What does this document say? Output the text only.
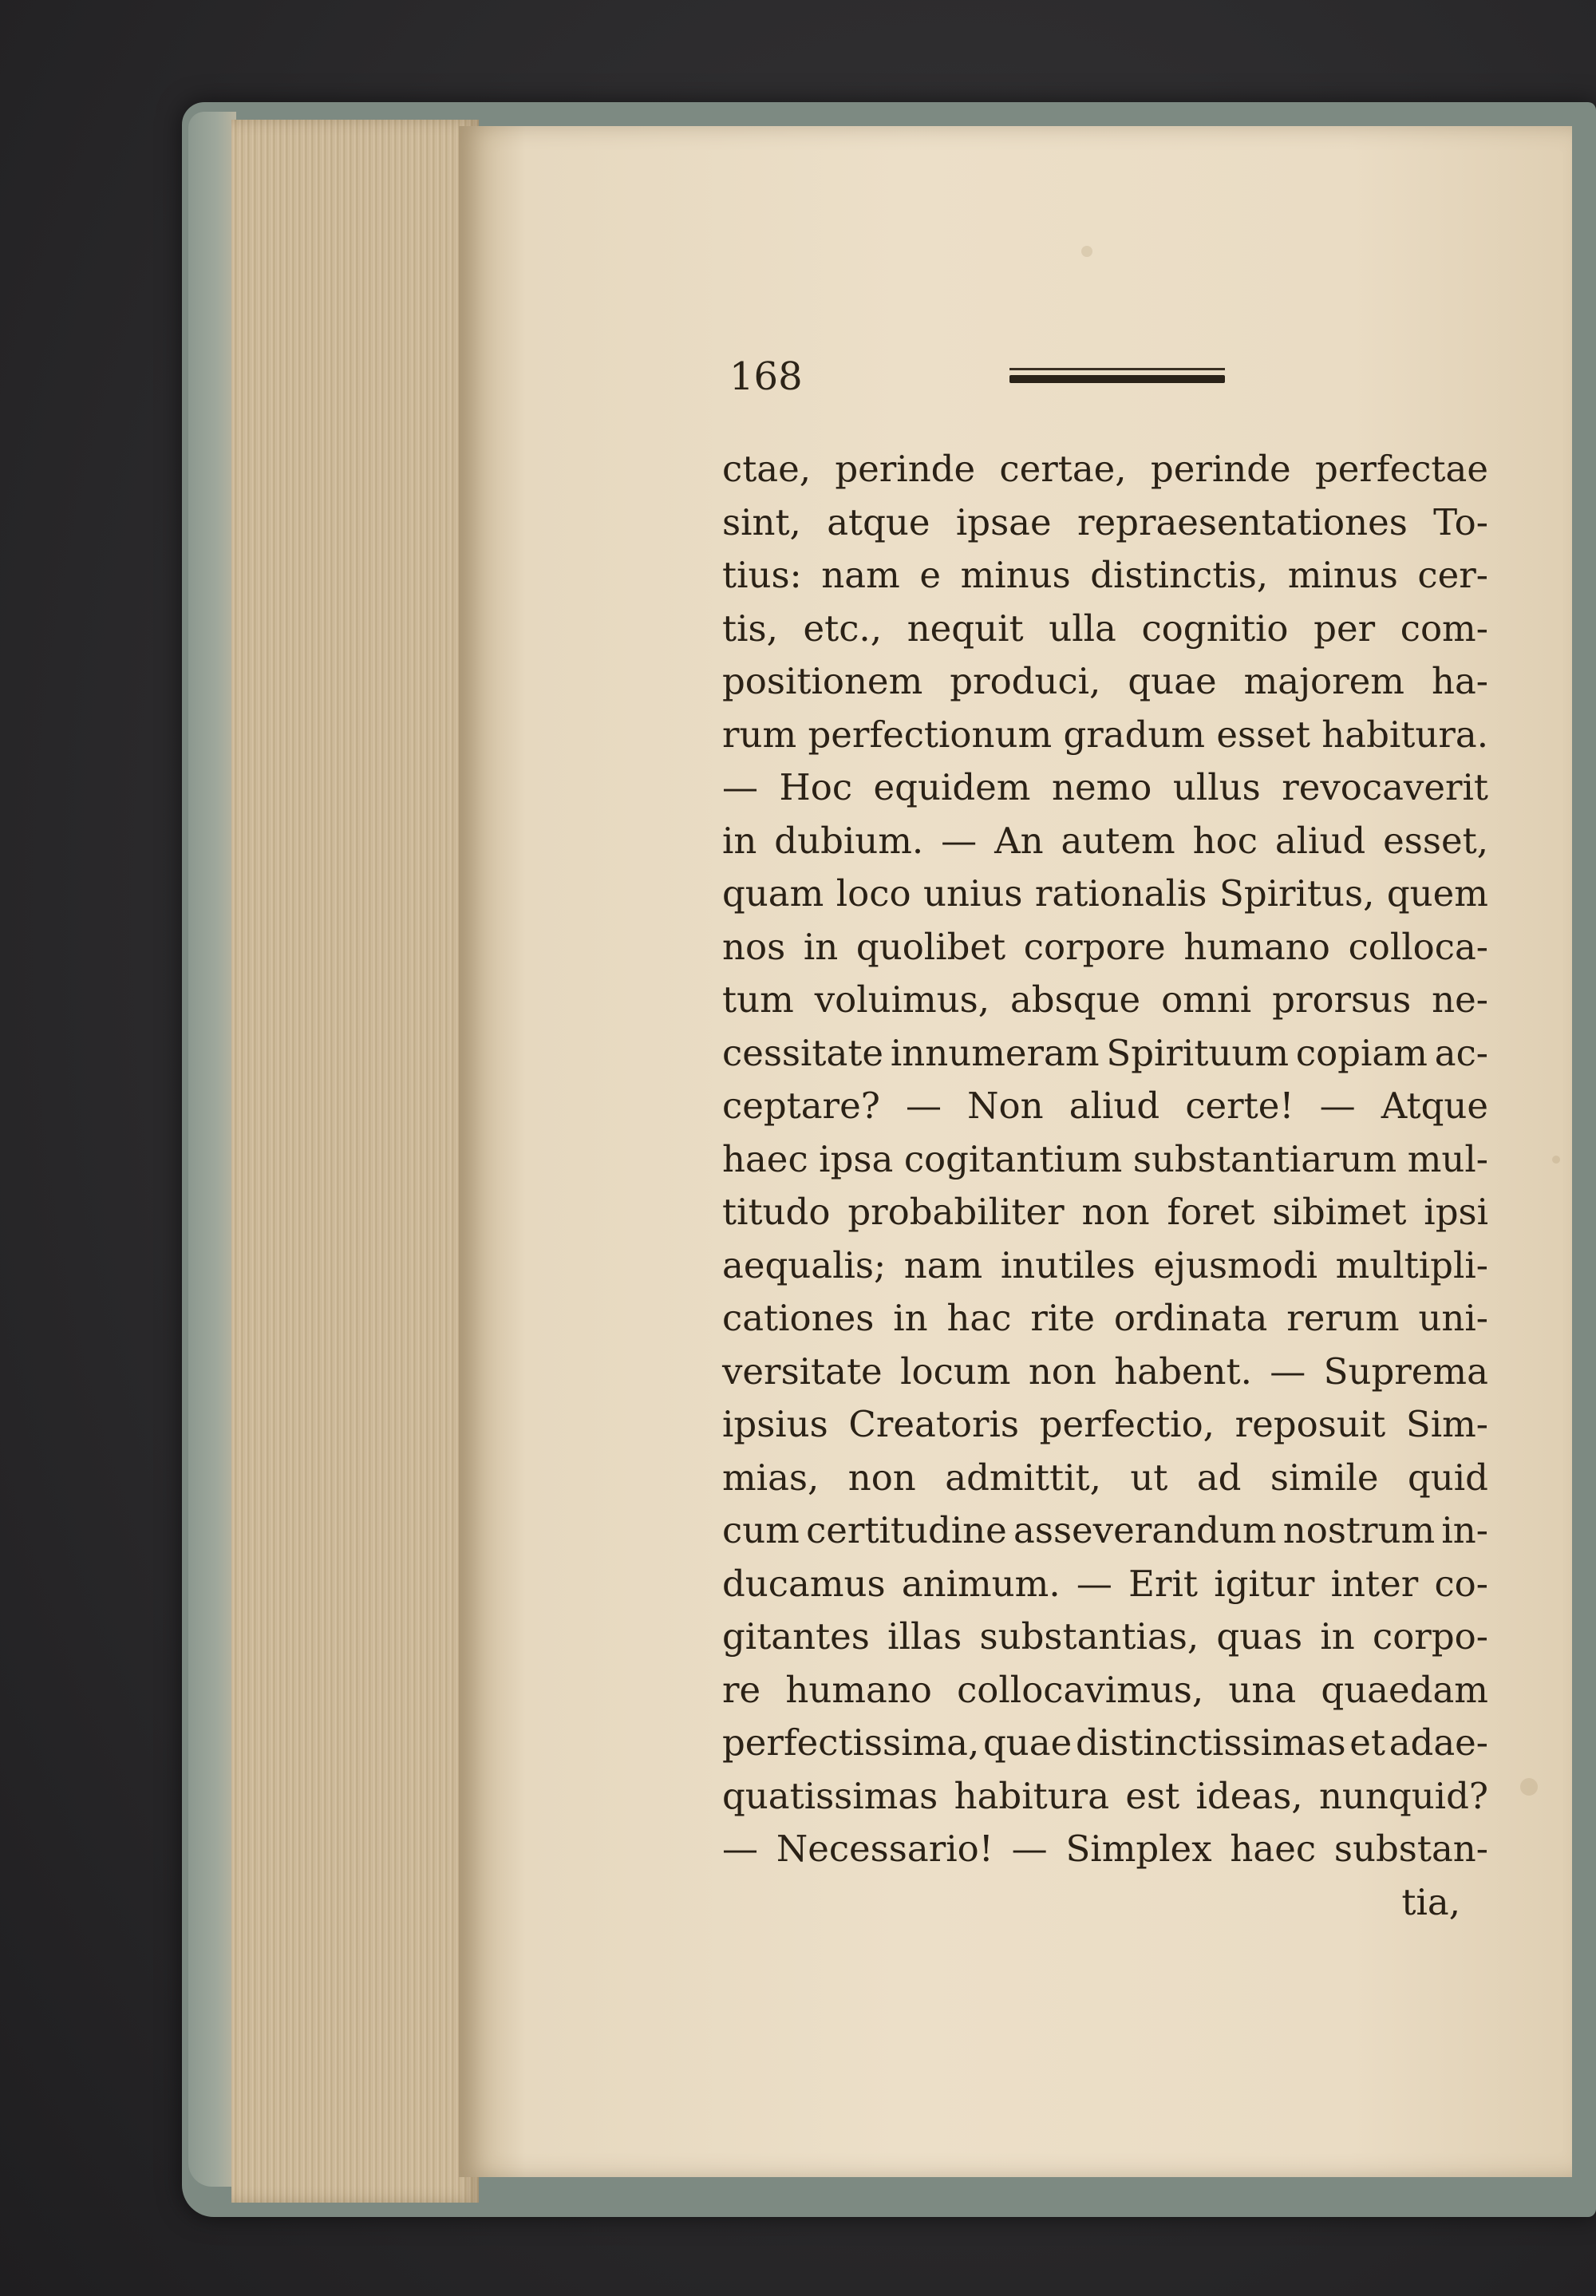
168
ctae, perinde certae, perinde perfectae
sint, atque ipsae repraesentationes To-
tius: nam e minus distinctis, minus cer-
tis, etc., nequit ulla cognitio per com-
positionem produci, quae majorem ha-
rum perfectionum gradum esset habitura.
— Hoc equidem nemo ullus revocaverit
in dubium. — An autem hoc aliud esset,
quam loco unius rationalis Spiritus, quem
nos in quolibet corpore humano colloca-
tum voluimus, absque omni prorsus ne-
cessitate innumeram Spirituum copiam ac-
ceptare? — Non aliud certe! — Atque
haec ipsa cogitantium substantiarum mul-
titudo probabiliter non foret sibimet ipsi
aequalis; nam inutiles ejusmodi multipli-
cationes in hac rite ordinata rerum uni-
versitate locum non habent. — Suprema
ipsius Creatoris perfectio, reposuit Sim-
mias, non admittit, ut ad simile quid
cum certitudine asseverandum nostrum in-
ducamus animum. — Erit igitur inter co-
gitantes illas substantias, quas in corpo-
re humano collocavimus, una quaedam
perfectissima, quae distinctissimas et adae-
quatissimas habitura est ideas, nunquid?
— Necessario! — Simplex haec substan-
tia,
